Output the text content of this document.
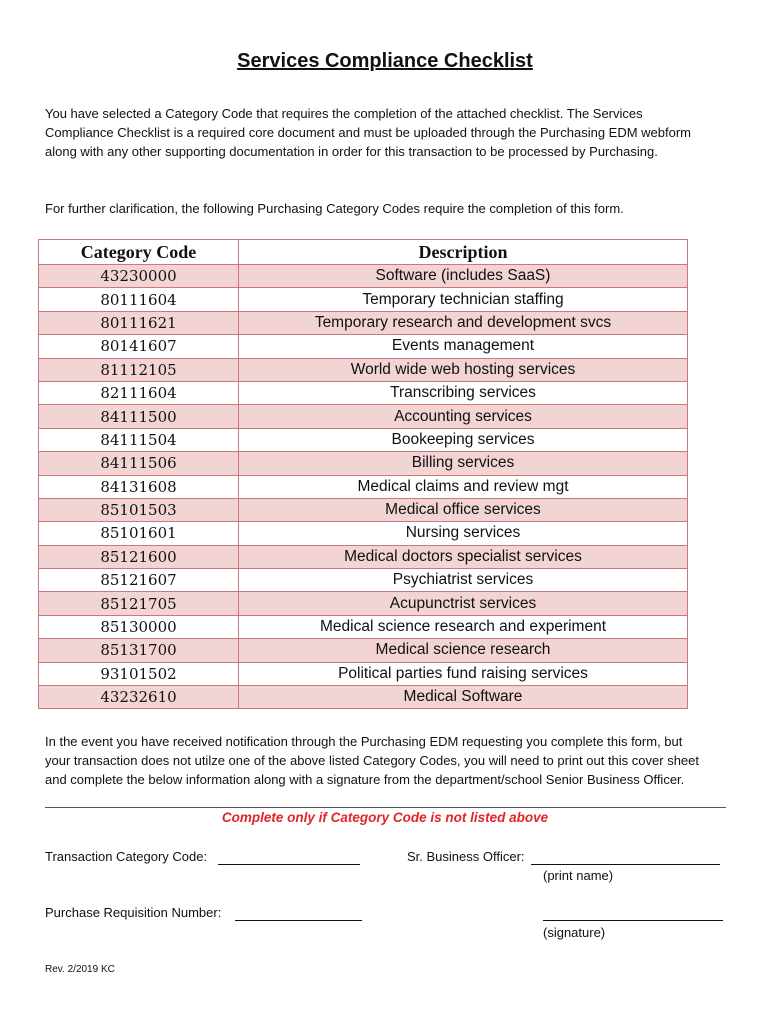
Services Compliance Checklist
You have selected a Category Code that requires the completion of the attached checklist. The Services Compliance Checklist is a required core document and must be uploaded through the Purchasing EDM webform along with any other supporting documentation in order for this transaction to be processed by Purchasing.
For further clarification, the following Purchasing Category Codes require the completion of this form.
Category Code	Description
43230000	Software (includes SaaS)
80111604	Temporary technician staffing
80111621	Temporary research and development svcs
80141607	Events management
81112105	World wide web hosting services
82111604	Transcribing services
84111500	Accounting services
84111504	Bookeeping services
84111506	Billing services
84131608	Medical claims and review mgt
85101503	Medical office services
85101601	Nursing services
85121600	Medical doctors specialist services
85121607	Psychiatrist services
85121705	Acupunctrist services
85130000	Medical science research and experiment
85131700	Medical science research
93101502	Political parties fund raising services
43232610	Medical Software
In the event you have received notification through the Purchasing EDM requesting you complete this form, but your transaction does not utilze one of the above listed Category Codes, you will need to print out this cover sheet and complete the below information along with a signature from the department/school Senior Business Officer.
Complete only if Category Code is not listed above
Transaction Category Code:	Sr. Business Officer:
(print name)
Purchase Requisition Number:
(signature)
Rev. 2/2019 KC
